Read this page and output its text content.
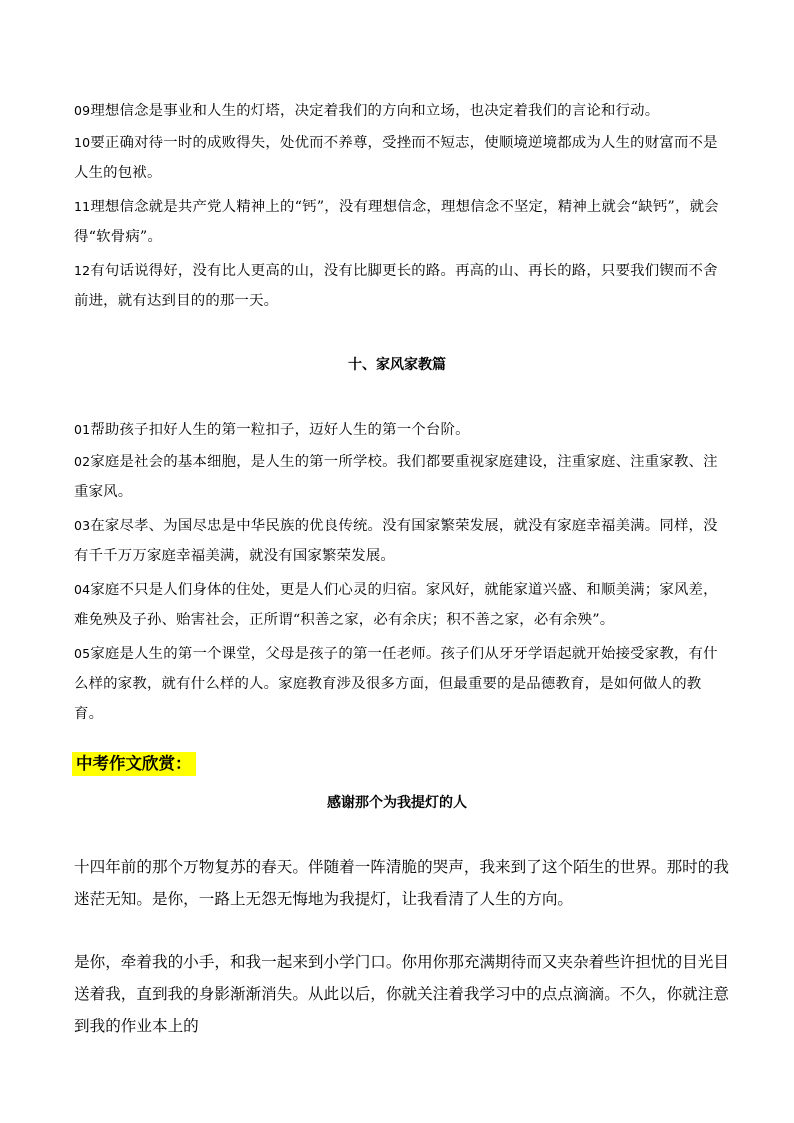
09理想信念是事业和人生的灯塔，决定着我们的方向和立场，也决定着我们的言论和行动。

10要正确对待一时的成败得失，处优而不养尊，受挫而不短志，使顺境逆境都成为人生的财富而不是人生的包袱。

11理想信念就是共产党人精神上的“钙”，没有理想信念，理想信念不坚定，精神上就会“缺钙”，就会得“软骨病”。

12有句话说得好，没有比人更高的山，没有比脚更长的路。再高的山、再长的路，只要我们锲而不舍前进，就有达到目的的那一天。

十、家风家教篇

01帮助孩子扣好人生的第一粒扣子，迈好人生的第一个台阶。

02家庭是社会的基本细胞，是人生的第一所学校。我们都要重视家庭建设，注重家庭、注重家教、注重家风。

03在家尽孝、为国尽忠是中华民族的优良传统。没有国家繁荣发展，就没有家庭幸福美满。同样，没有千千万万家庭幸福美满，就没有国家繁荣发展。

04家庭不只是人们身体的住处，更是人们心灵的归宿。家风好，就能家道兴盛、和顺美满；家风差，难免殃及子孙、贻害社会，正所谓“积善之家，必有余庆；积不善之家，必有余殃”。

05家庭是人生的第一个课堂，父母是孩子的第一任老师。孩子们从牙牙学语起就开始接受家教，有什么样的家教，就有什么样的人。家庭教育涉及很多方面，但最重要的是品德教育，是如何做人的教育。

中考作文欣赏：
感谢那个为我提灯的人

十四年前的那个万物复苏的春天。伴随着一阵清脆的哭声，我来到了这个陌生的世界。那时的我迷茫无知。是你，一路上无怨无悔地为我提灯，让我看清了人生的方向。

是你，牵着我的小手，和我一起来到小学门口。你用你那充满期待而又夹杂着些许担忧的目光目送着我，直到我的身影渐渐消失。从此以后，你就关注着我学习中的点点滴滴。不久，你就注意到我的作业本上的
